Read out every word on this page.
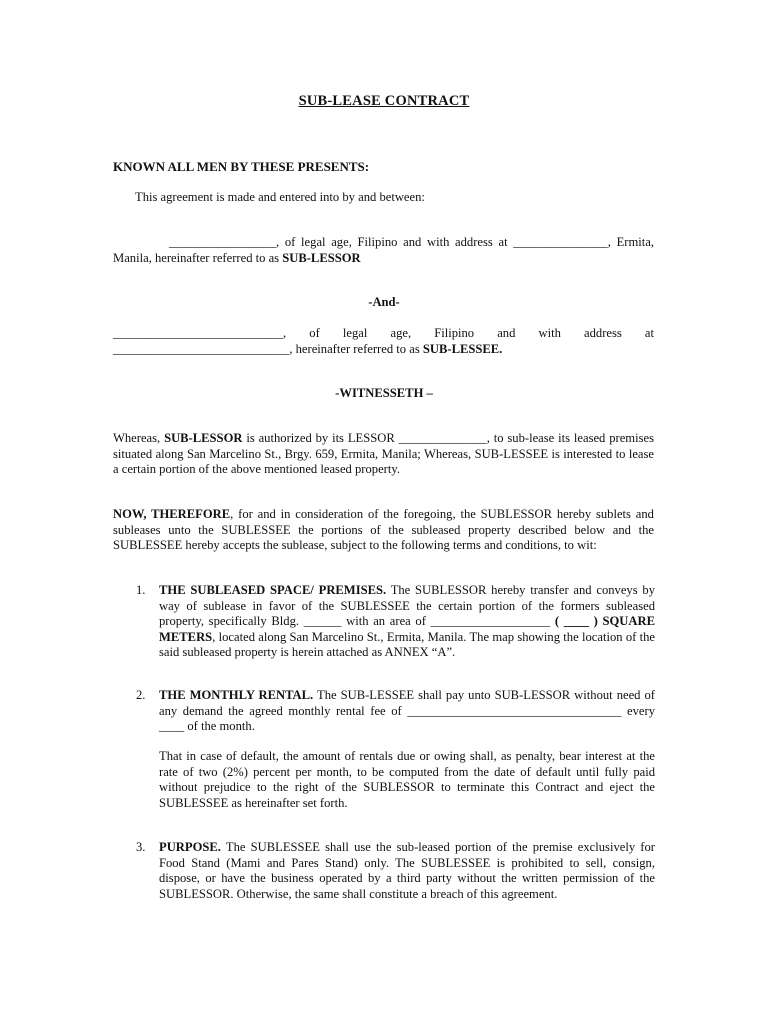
SUB-LEASE CONTRACT
KNOWN ALL MEN BY THESE PRESENTS:

This agreement is made and entered into by and between:

_________________, of legal age, Filipino and with address at _______________, Ermita, Manila, hereinafter referred to as SUB-LESSOR

-And-

___________________________, of legal age, Filipino and with address at ____________________________, hereinafter referred to as SUB-LESSEE.

-WITNESSETH –

Whereas, SUB-LESSOR is authorized by its LESSOR ______________, to sub-lease its leased premises situated along San Marcelino St., Brgy. 659, Ermita, Manila; Whereas, SUB-LESSEE is interested to lease a certain portion of the above mentioned leased property.

NOW, THEREFORE, for and in consideration of the foregoing, the SUBLESSOR hereby sublets and subleases unto the SUBLESSEE the portions of the subleased property described below and the SUBLESSEE hereby accepts the sublease, subject to the following terms and conditions, to wit:

1. THE SUBLEASED SPACE/ PREMISES. The SUBLESSOR hereby transfer and conveys by way of sublease in favor of the SUBLESSEE the certain portion of the formers subleased property, specifically Bldg. ______ with an area of ___________________ ( ____ ) SQUARE METERS, located along San Marcelino St., Ermita, Manila. The map showing the location of the said subleased property is herein attached as ANNEX “A”.

2. THE MONTHLY RENTAL. The SUB-LESSEE shall pay unto SUB-LESSOR without need of any demand the agreed monthly rental fee of __________________________________ every ____ of the month.

That in case of default, the amount of rentals due or owing shall, as penalty, bear interest at the rate of two (2%) percent per month, to be computed from the date of default until fully paid without prejudice to the right of the SUBLESSOR to terminate this Contract and eject the SUBLESSEE as hereinafter set forth.

3. PURPOSE. The SUBLESSEE shall use the sub-leased portion of the premise exclusively for Food Stand (Mami and Pares Stand) only. The SUBLESSEE is prohibited to sell, consign, dispose, or have the business operated by a third party without the written permission of the SUBLESSOR. Otherwise, the same shall constitute a breach of this agreement.
